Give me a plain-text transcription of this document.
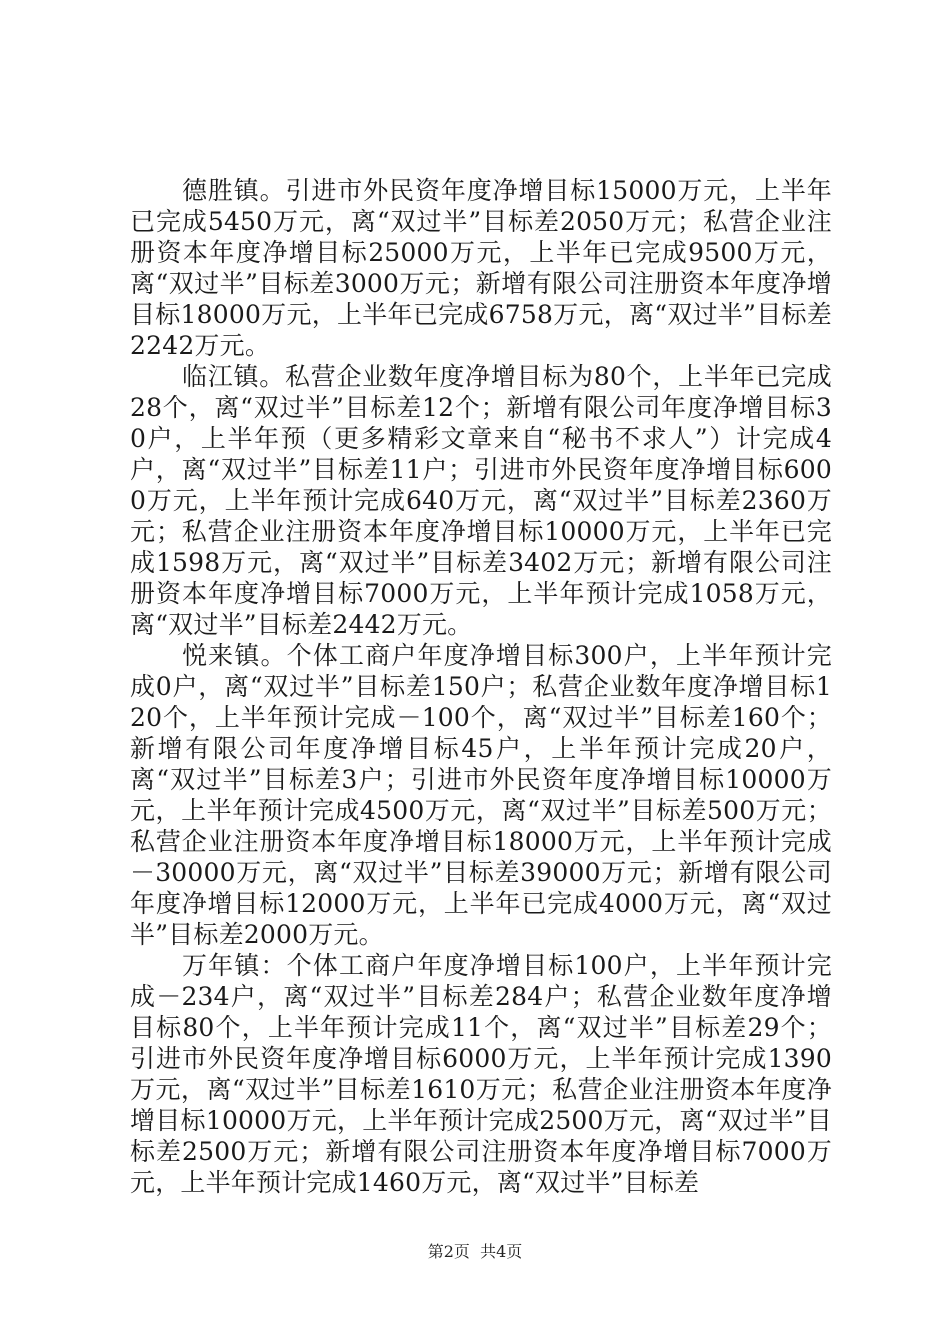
德胜镇。引进市外民资年度净增目标15000万元，上半年已完成5450万元，离“双过半”目标差2050万元；私营企业注册资本年度净增目标25000万元，上半年已完成9500万元，离“双过半”目标差3000万元；新增有限公司注册资本年度净增目标18000万元，上半年已完成6758万元，离“双过半”目标差2242万元。

临江镇。私营企业数年度净增目标为80个，上半年已完成28个，离“双过半”目标差12个；新增有限公司年度净增目标30户，上半年预（更多精彩文章来自“秘书不求人”）计完成4户，离“双过半”目标差11户；引进市外民资年度净增目标6000万元，上半年预计完成640万元，离“双过半”目标差2360万元；私营企业注册资本年度净增目标10000万元，上半年已完成1598万元，离“双过半”目标差3402万元；新增有限公司注册资本年度净增目标7000万元，上半年预计完成1058万元，离“双过半”目标差2442万元。

悦来镇。个体工商户年度净增目标300户，上半年预计完成0户，离“双过半”目标差150户；私营企业数年度净增目标120个，上半年预计完成－100个，离“双过半”目标差160个；新增有限公司年度净增目标45户，上半年预计完成20户，离“双过半”目标差3户；引进市外民资年度净增目标10000万元，上半年预计完成4500万元，离“双过半”目标差500万元；私营企业注册资本年度净增目标18000万元，上半年预计完成－30000万元，离“双过半”目标差39000万元；新增有限公司年度净增目标12000万元，上半年已完成4000万元，离“双过半”目标差2000万元。

万年镇：个体工商户年度净增目标100户，上半年预计完成－234户，离“双过半”目标差284户；私营企业数年度净增目标80个，上半年预计完成11个，离“双过半”目标差29个；引进市外民资年度净增目标6000万元，上半年预计完成1390万元，离“双过半”目标差1610万元；私营企业注册资本年度净增目标10000万元，上半年预计完成2500万元，离“双过半”目标差2500万元；新增有限公司注册资本年度净增目标7000万元，上半年预计完成1460万元，离“双过半”目标差

第2页  共4页
